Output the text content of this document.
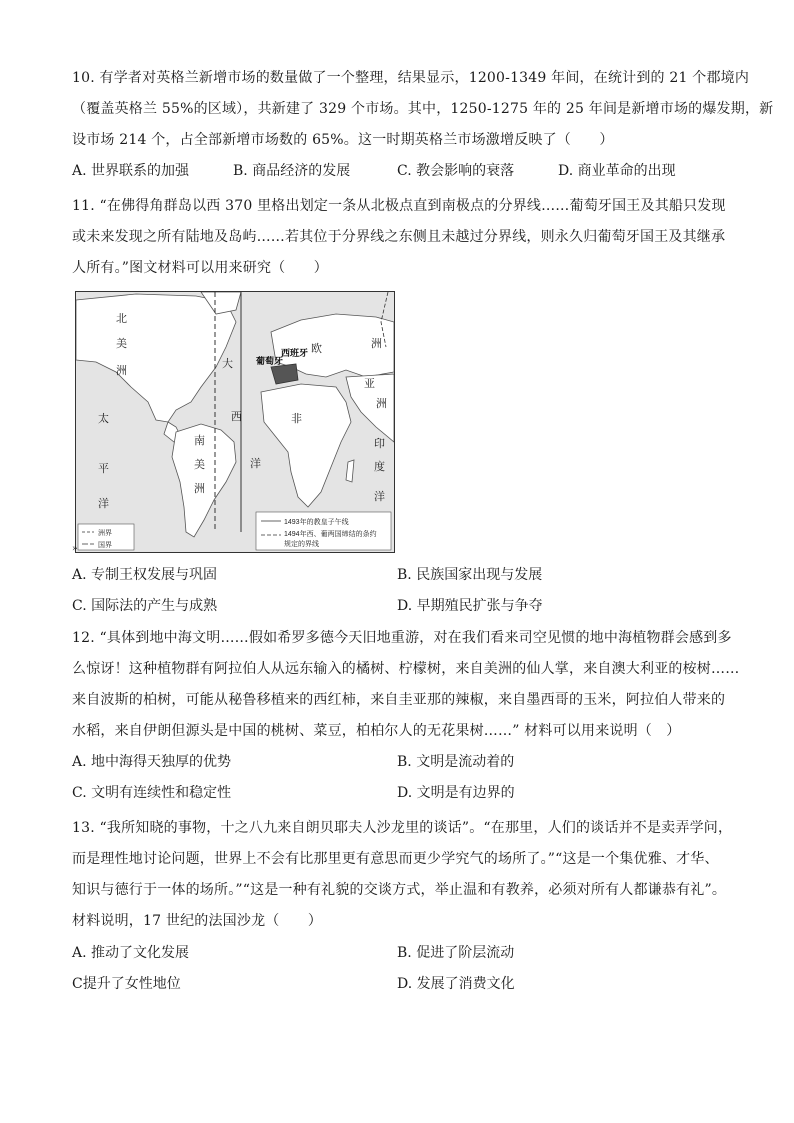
10. 有学者对英格兰新增市场的数量做了一个整理，结果显示，1200-1349 年间，在统计到的 21 个郡境内
（覆盖英格兰 55%的区域），共新建了 329 个市场。其中，1250-1275 年的 25 年间是新增市场的爆发期，新
设市场 214 个，占全部新增市场数的 65%。这一时期英格兰市场激增反映了（　　）
A. 世界联系的加强	B. 商品经济的发展	C. 教会影响的衰落	D. 商业革命的出现
11. “在佛得角群岛以西 370 里格出划定一条从北极点直到南极点的分界线……葡萄牙国王及其船只发现
或未来发现之所有陆地及岛屿……若其位于分界线之东侧且未越过分界线，则永久归葡萄牙国王及其继承
人所有。”图文材料可以用来研究（　　）
北
美
洲
太
平
洋
南
美
洲
大
西
洋
欧	洲
非
亚
洲
印
度
洋
西班牙
葡萄牙
洲界
国界
1493年的教皇子午线
1494年西、葡两国缔结的条约
规定的界线
»
A. 专制王权发展与巩固	B. 民族国家出现与发展
C. 国际法的产生与成熟	D. 早期殖民扩张与争夺
12. “具体到地中海文明……假如希罗多德今天旧地重游，对在我们看来司空见惯的地中海植物群会感到多
么惊讶！这种植物群有阿拉伯人从远东输入的橘树、柠檬树，来自美洲的仙人掌，来自澳大利亚的桉树……
来自波斯的柏树，可能从秘鲁移植来的西红柿，来自圭亚那的辣椒，来自墨西哥的玉米，阿拉伯人带来的
水稻，来自伊朗但源头是中国的桃树、菜豆，柏柏尔人的无花果树……” 材料可以用来说明（　）
A. 地中海得天独厚的优势	B. 文明是流动着的
C. 文明有连续性和稳定性	D. 文明是有边界的
13. “我所知晓的事物，十之八九来自朗贝耶夫人沙龙里的谈话”。“在那里，人们的谈话并不是卖弄学问，
而是理性地讨论问题，世界上不会有比那里更有意思而更少学究气的场所了。”“这是一个集优雅、才华、
知识与德行于一体的场所。”“这是一种有礼貌的交谈方式，举止温和有教养，必须对所有人都谦恭有礼”。
材料说明，17 世纪的法国沙龙（　　）
A. 推动了文化发展	B. 促进了阶层流动
C提升了女性地位	D. 发展了消费文化
